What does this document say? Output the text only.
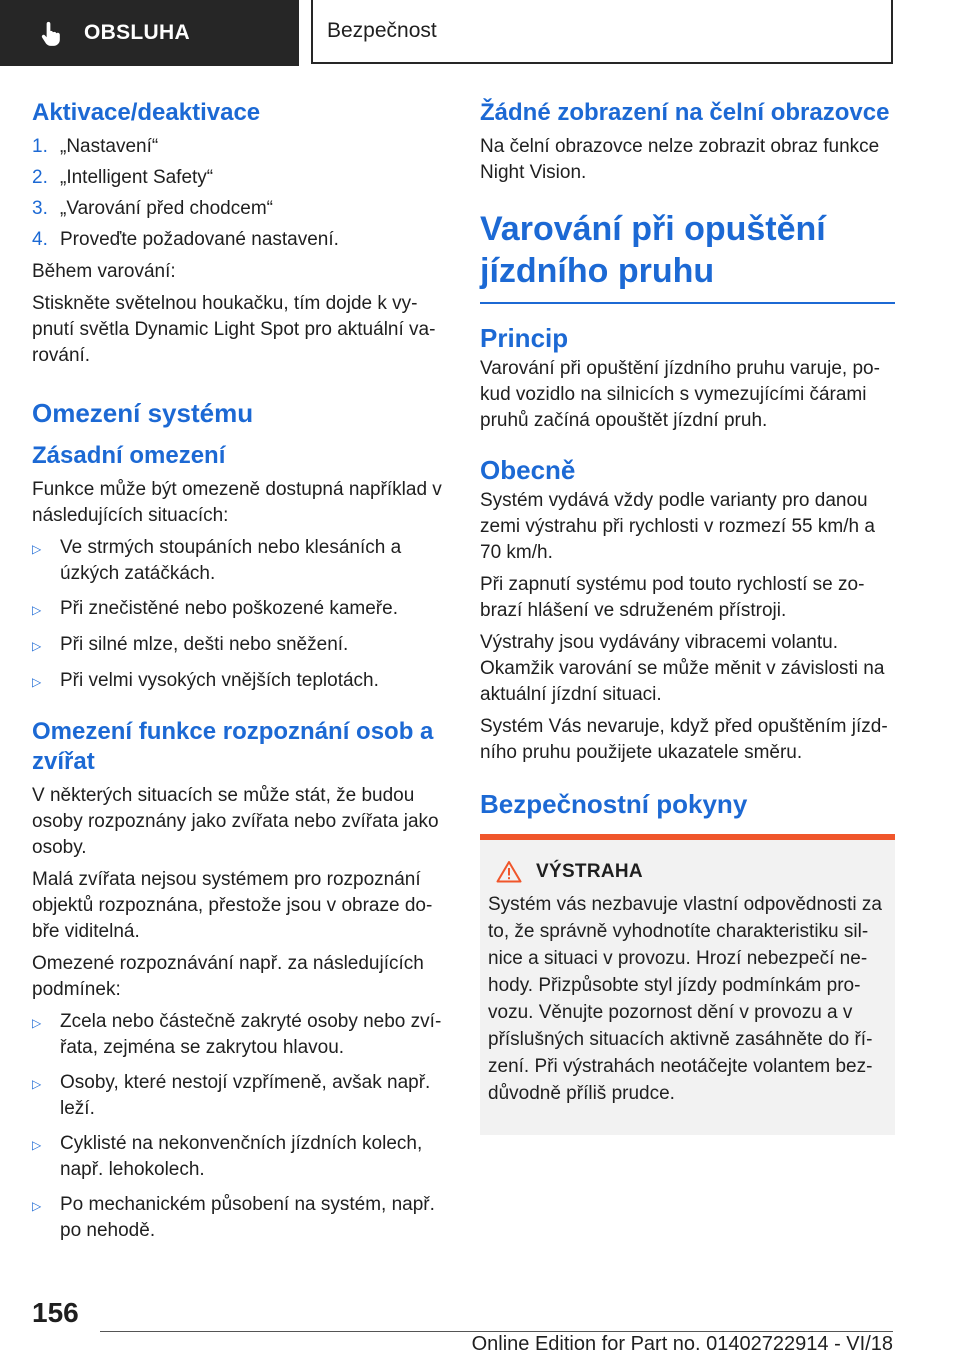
OBSLUHA	Bezpečnost
Aktivace/deaktivace
1. „Nastavení“
2. „Intelligent Safety“
3. „Varování před chodcem“
4. Proveďte požadované nastavení.

Během varování:

Stiskněte světelnou houkačku, tím dojde k vypnutí světla Dynamic Light Spot pro aktuální varování.

Omezení systému
Zásadní omezení

Funkce může být omezeně dostupná například v následujících situacích:

▷ Ve strmých stoupáních nebo klesáních a úzkých zatáčkách.
▷ Při znečistěné nebo poškozené kameře.
▷ Při silné mlze, dešti nebo sněžení.
▷ Při velmi vysokých vnějších teplotách.
Omezení funkce rozpoznání osob a zvířat

V některých situacích se může stát, že budou osoby rozpoznány jako zvířata nebo zvířata jako osoby.

Malá zvířata nejsou systémem pro rozpoznání objektů rozpoznána, přestože jsou v obraze dobře viditelná.

Omezené rozpoznávání např. za následujících podmínek:

▷ Zcela nebo částečně zakryté osoby nebo zvířata, zejména se zakrytou hlavou.
▷ Osoby, které nestojí vzpřímeně, avšak např. leží.
▷ Cyklisté na nekonvenčních jízdních kolech, např. lehokolech.
▷ Po mechanickém působení na systém, např. po nehodě.
Žádné zobrazení na čelní obrazovce

Na čelní obrazovce nelze zobrazit obraz funkce Night Vision.

Varování při opuštění jízdního pruhu
Princip

Varování při opuštění jízdního pruhu varuje, pokud vozidlo na silnicích s vymezujícími čárami pruhů začíná opouštět jízdní pruh.

Obecně

Systém vydává vždy podle varianty pro danou zemi výstrahu při rychlosti v rozmezí 55 km/h a 70 km/h.

Při zapnutí systému pod touto rychlostí se zobrazí hlášení ve sdruženém přístroji.

Výstrahy jsou vydávány vibracemi volantu. Okamžik varování se může měnit v závislosti na aktuální jízdní situaci.

Systém Vás nevaruje, když před opuštěním jízdního pruhu použijete ukazatele směru.

Bezpečnostní pokyny
VÝSTRAHA

Systém vás nezbavuje vlastní odpovědnosti za to, že správně vyhodnotíte charakteristiku silnice a situaci v provozu. Hrozí nebezpečí nehody. Přizpůsobte styl jízdy podmínkám provozu. Věnujte pozornost dění v provozu a v příslušných situacích aktivně zasáhněte do řízení. Při výstrahách neotáčejte volantem bezdůvodně příliš prudce.

156
Online Edition for Part no. 01402722914 - VI/18
